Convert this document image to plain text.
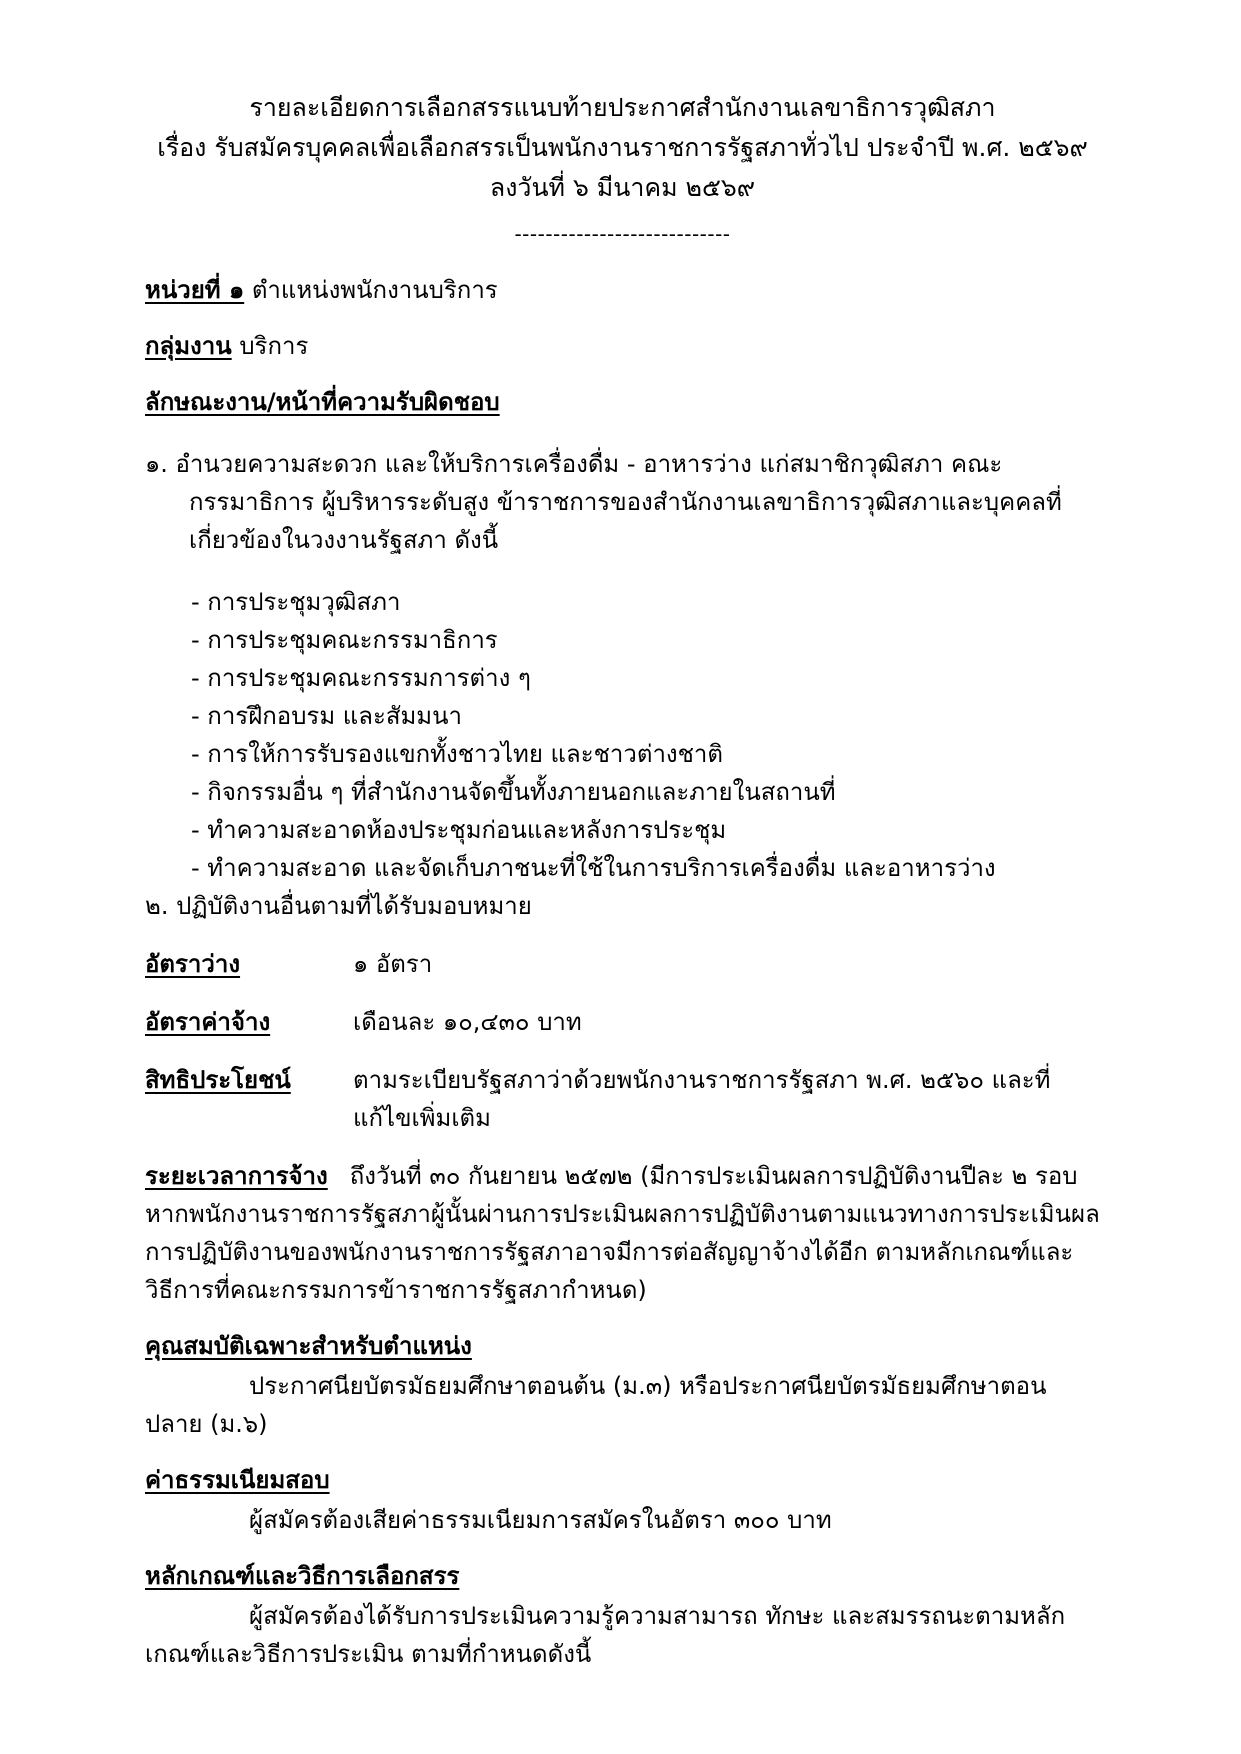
รายละเอียดการเลือกสรรแนบท้ายประกาศสำนักงานเลขาธิการวุฒิสภา
เรื่อง รับสมัครบุคคลเพื่อเลือกสรรเป็นพนักงานราชการรัฐสภาทั่วไป ประจำปี พ.ศ. ๒๕๖๙
ลงวันที่ ๖ มีนาคม ๒๕๖๙
----------------------------
หน่วยที่ ๑ ตำแหน่งพนักงานบริการ
กลุ่มงาน บริการ
ลักษณะงาน/หน้าที่ความรับผิดชอบ

๑. อำนวยความสะดวก และให้บริการเครื่องดื่ม - อาหารว่าง แก่สมาชิกวุฒิสภา คณะกรรมาธิการ ผู้บริหารระดับสูง ข้าราชการของสำนักงานเลขาธิการวุฒิสภาและบุคคลที่เกี่ยวข้องในวงงานรัฐสภา ดังนี้

- การประชุมวุฒิสภา
- การประชุมคณะกรรมาธิการ
- การประชุมคณะกรรมการต่าง ๆ
- การฝึกอบรม และสัมมนา
- การให้การรับรองแขกทั้งชาวไทย และชาวต่างชาติ
- กิจกรรมอื่น ๆ ที่สำนักงานจัดขึ้นทั้งภายนอกและภายในสถานที่
- ทำความสะอาดห้องประชุมก่อนและหลังการประชุม
- ทำความสะอาด และจัดเก็บภาชนะที่ใช้ในการบริการเครื่องดื่ม และอาหารว่าง

๒. ปฏิบัติงานอื่นตามที่ได้รับมอบหมาย

อัตราว่าง	๑ อัตรา
อัตราค่าจ้าง	เดือนละ ๑๐,๔๓๐ บาท
สิทธิประโยชน์	ตามระเบียบรัฐสภาว่าด้วยพนักงานราชการรัฐสภา พ.ศ. ๒๕๖๐ และที่แก้ไขเพิ่มเติม
ระยะเวลาการจ้าง ถึงวันที่ ๓๐ กันยายน ๒๕๗๒ (มีการประเมินผลการปฏิบัติงานปีละ ๒ รอบ หากพนักงานราชการรัฐสภาผู้นั้นผ่านการประเมินผลการปฏิบัติงานตามแนวทางการประเมินผลการปฏิบัติงานของพนักงานราชการรัฐสภาอาจมีการต่อสัญญาจ้างได้อีก ตามหลักเกณฑ์และวิธีการที่คณะกรรมการข้าราชการรัฐสภากำหนด)
คุณสมบัติเฉพาะสำหรับตำแหน่ง

ประกาศนียบัตรมัธยมศึกษาตอนต้น (ม.๓) หรือประกาศนียบัตรมัธยมศึกษาตอนปลาย (ม.๖)

ค่าธรรมเนียมสอบ

ผู้สมัครต้องเสียค่าธรรมเนียมการสมัครในอัตรา ๓๐๐ บาท

หลักเกณฑ์และวิธีการเลือกสรร

ผู้สมัครต้องได้รับการประเมินความรู้ความสามารถ ทักษะ และสมรรถนะตามหลักเกณฑ์และวิธีการประเมิน ตามที่กำหนดดังนี้
